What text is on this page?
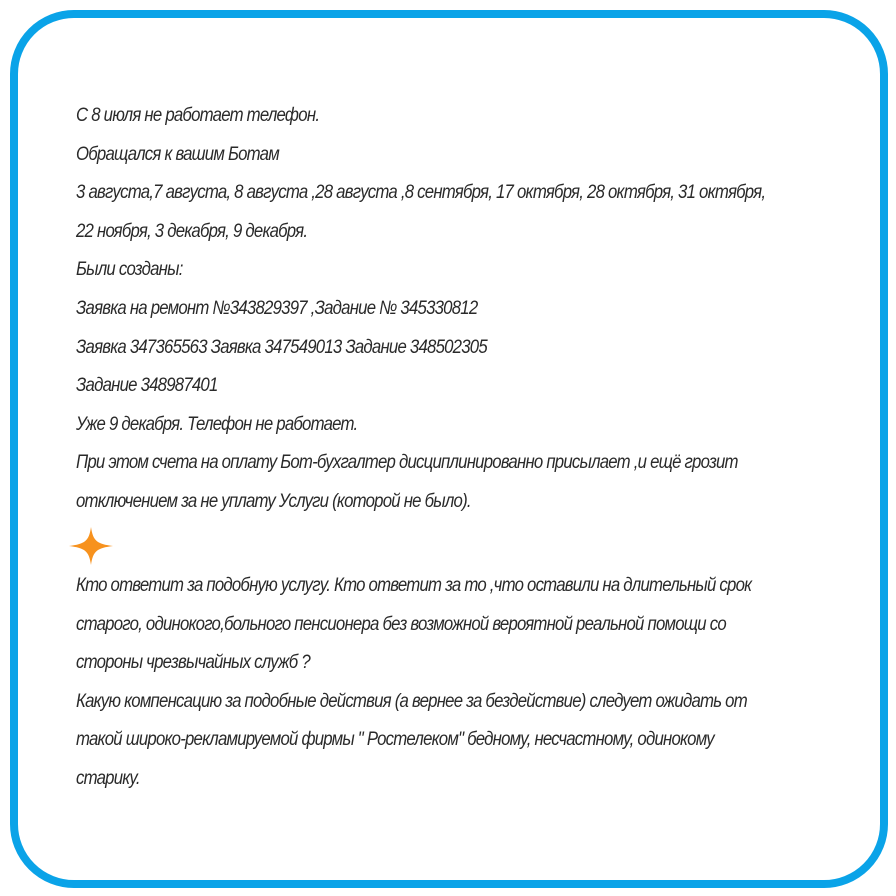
С 8 июля не работает телефон.
Обращался к вашим Ботам
3 августа,7 августа, 8 августа ,28 августа ,8 сентября, 17 октября, 28 октября, 31 октября,
22 ноября, 3 декабря, 9 декабря.
Были созданы:
Заявка на ремонт №343829397 ,Задание № 345330812
Заявка 347365563 Заявка 347549013 Задание 348502305
Задание 348987401
Уже 9 декабря. Телефон не работает.
При этом счета на оплату Бот-бухгалтер дисциплинированно присылает ,и ещё грозит
отключением за не уплату Услуги (которой не было).
Кто ответит за подобную услугу. Кто ответит за то ,что оставили на длительный срок
старого, одинокого,больного пенсионера без возможной вероятной реальной помощи со
стороны чрезвычайных служб ?
Какую компенсацию за подобные действия (а вернее за бездействие) следует ожидать от
такой широко-рекламируемой фирмы " Ростелеком" бедному, несчастному, одинокому
старику.
